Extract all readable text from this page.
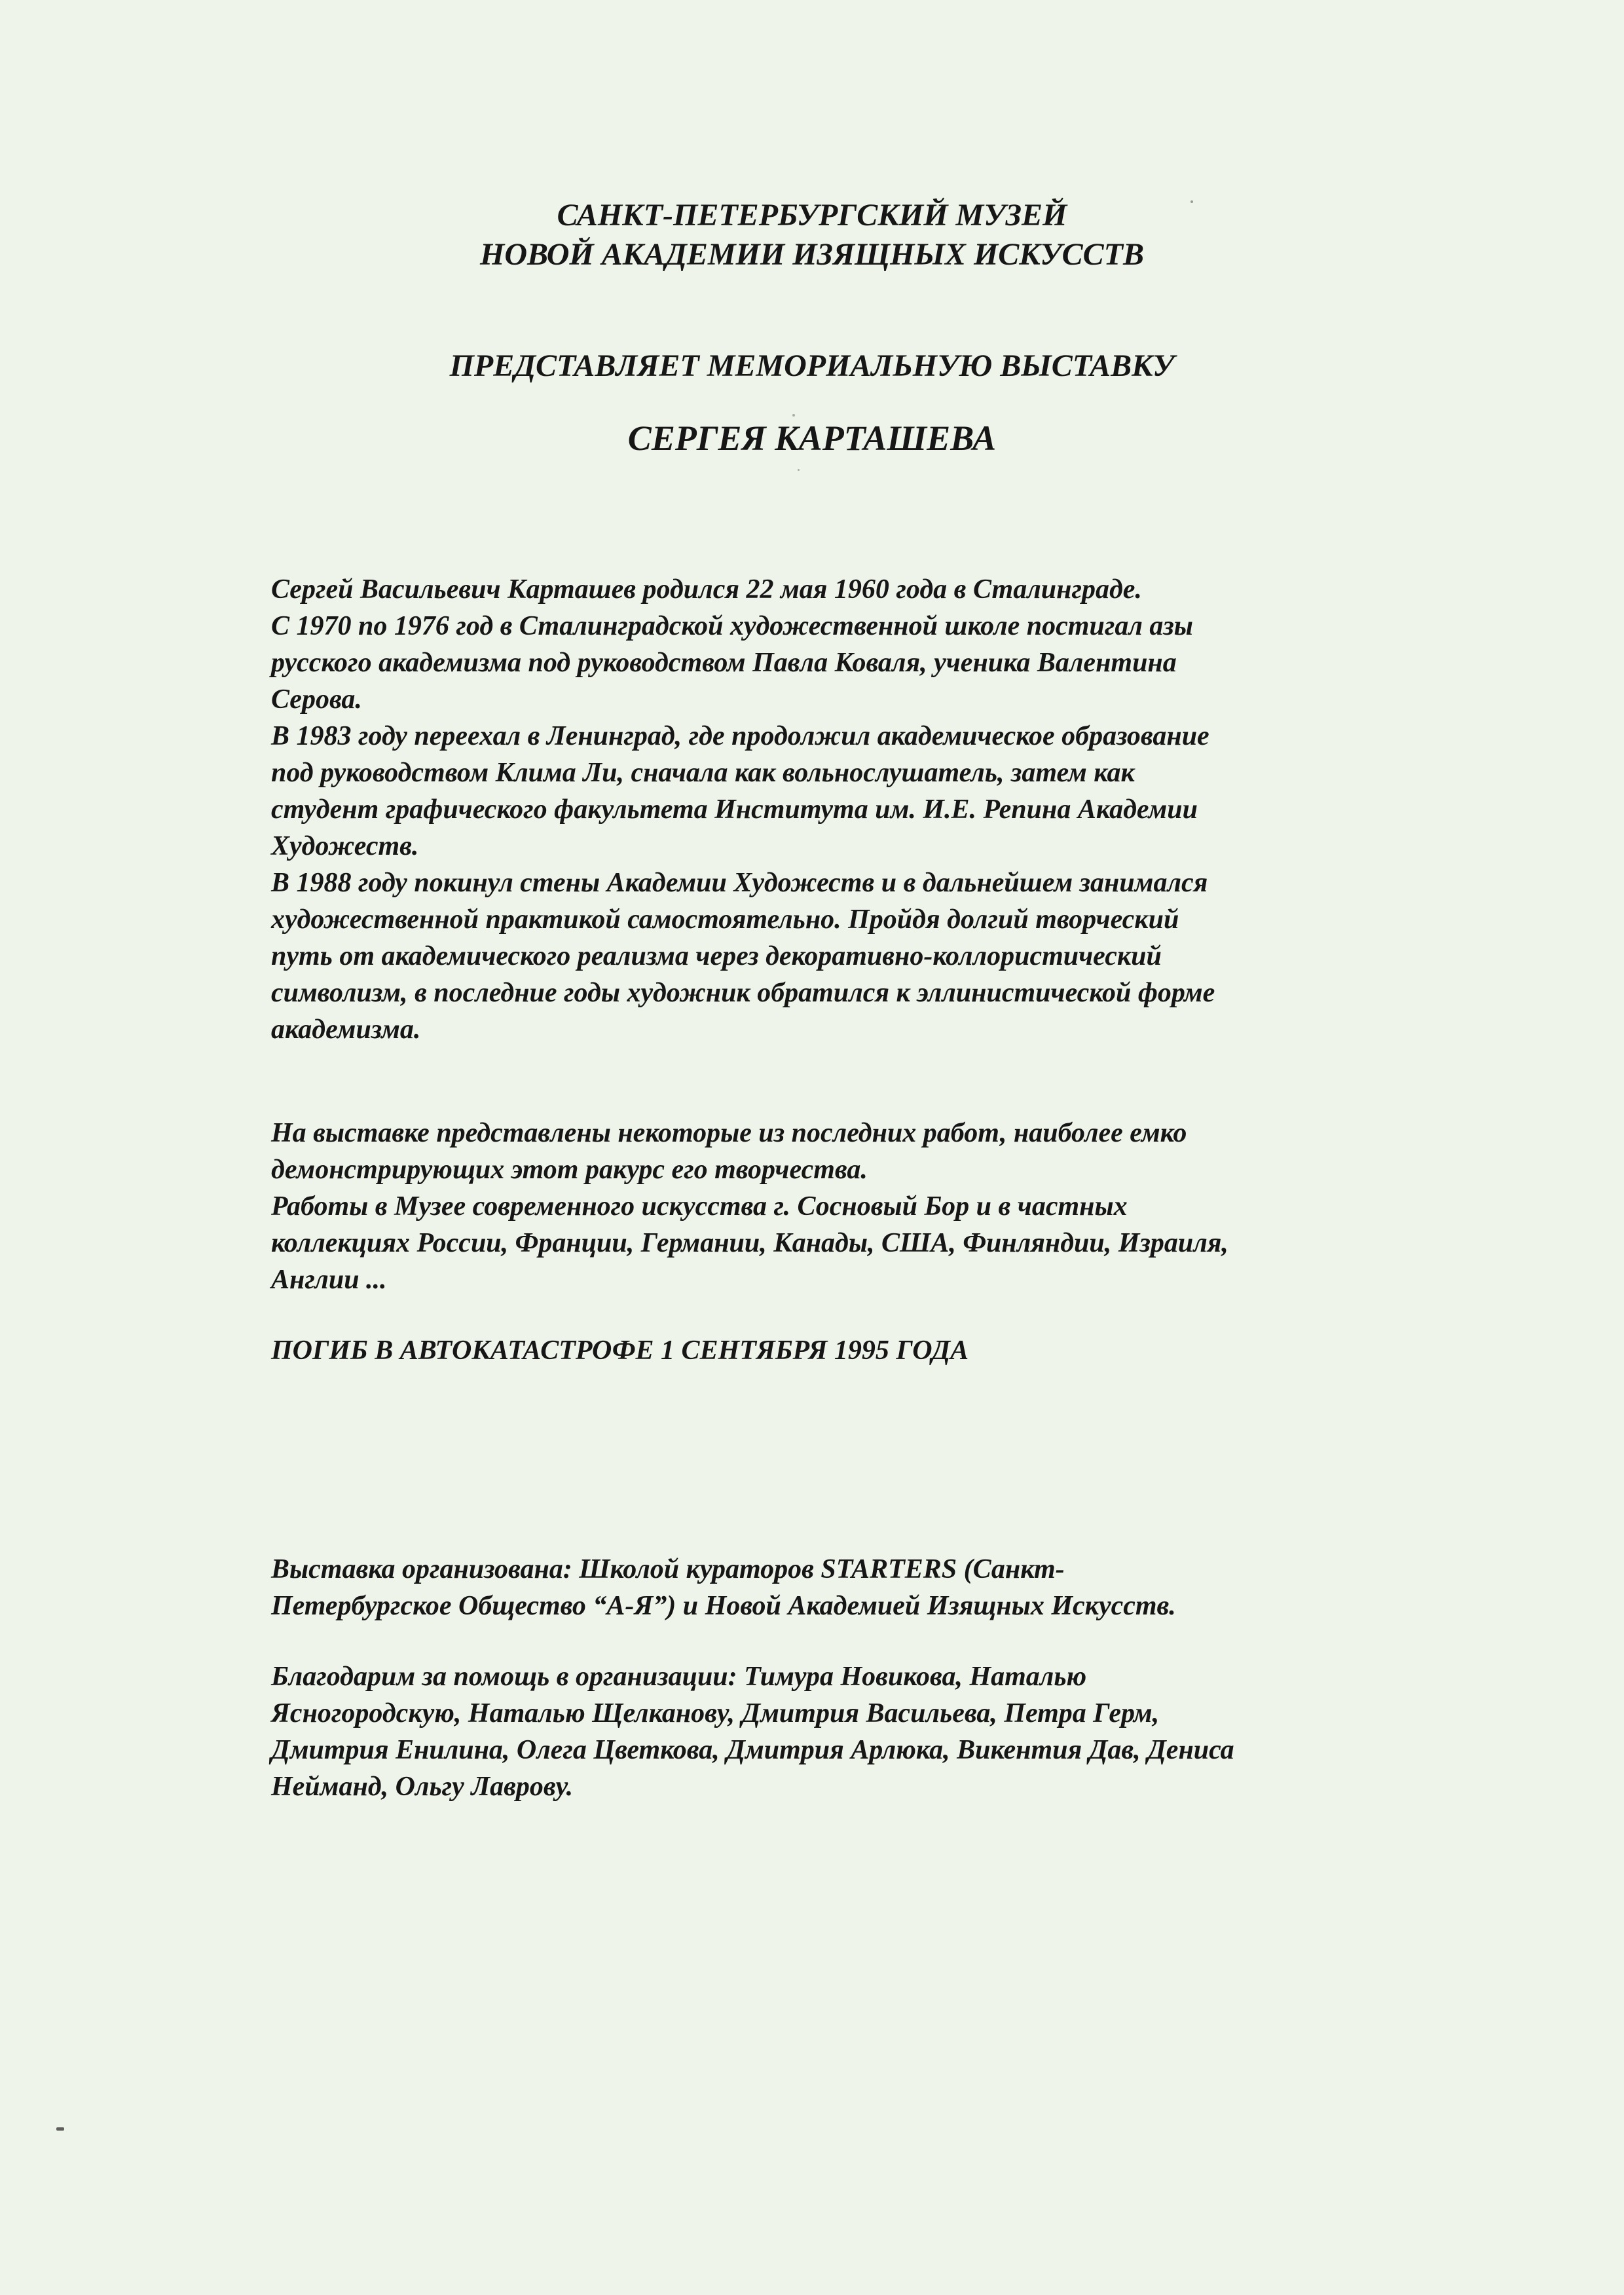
САНКТ-ПЕТЕРБУРГСКИЙ МУЗЕЙ
НОВОЙ АКАДЕМИИ ИЗЯЩНЫХ ИСКУССТВ
ПРЕДСТАВЛЯЕТ МЕМОРИАЛЬНУЮ ВЫСТАВКУ
СЕРГЕЯ КАРТАШЕВА

Сергей Васильевич Карташев родился 22 мая 1960 года в Сталинграде.
С 1970 по 1976 год в Сталинградской художественной школе постигал азы
русского академизма под руководством Павла Коваля, ученика Валентина
Серова.
В 1983 году переехал в Ленинград, где продолжил академическое образование
под руководством Клима Ли, сначала как вольнослушатель, затем как
студент графического факультета Института им. И.Е. Репина Академии
Художеств.
В 1988 году покинул стены Академии Художеств и в дальнейшем занимался
художественной практикой самостоятельно. Пройдя долгий творческий
путь от академического реализма через декоративно-коллористический
символизм, в последние годы художник обратился к эллинистической форме
академизма.

На выставке представлены некоторые из последних работ, наиболее емко
демонстрирующих этот ракурс его творчества.
Работы в Музее современного искусства г. Сосновый Бор и в частных
коллекциях России, Франции, Германии, Канады, США, Финляндии, Израиля,
Англии ...

ПОГИБ В АВТОКАТАСТРОФЕ 1 СЕНТЯБРЯ 1995 ГОДА

Выставка организована: Школой кураторов STARTERS (Санкт-
Петербургское Общество “А-Я”) и Новой Академией Изящных Искусств.

Благодарим за помощь в организации: Тимура Новикова, Наталью
Ясногородскую, Наталью Щелканову, Дмитрия Васильева, Петра Герм,
Дмитрия Енилина, Олега Цветкова, Дмитрия Арлюка, Викентия Дав, Дениса
Нейманд, Ольгу Лаврову.
